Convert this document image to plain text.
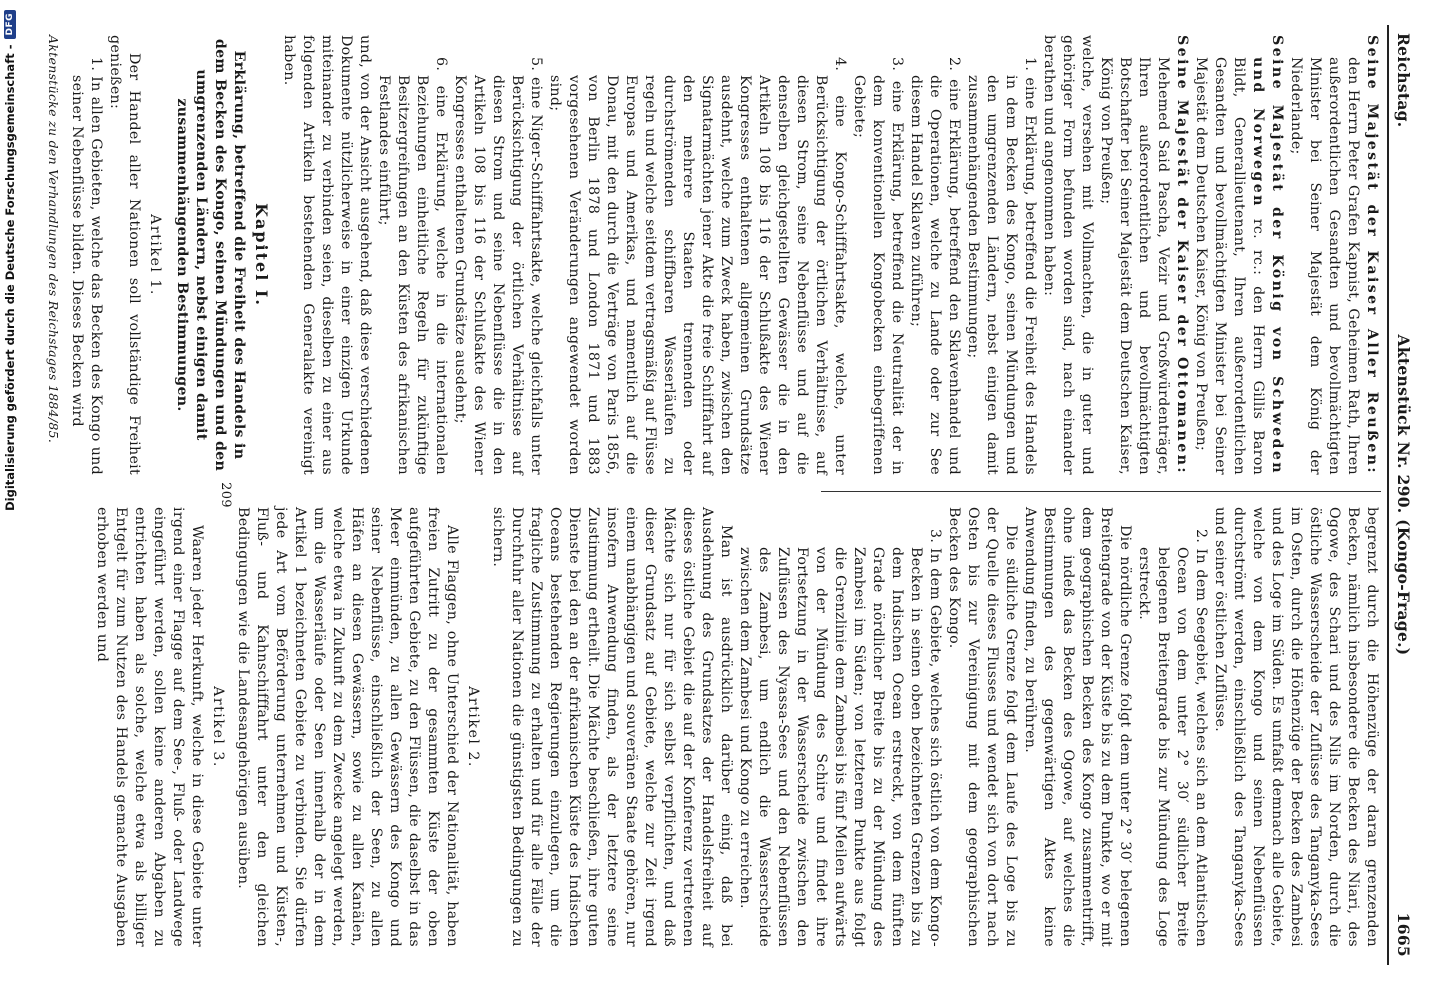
Reichstag.
Aktenstück Nr. 290. (Kongo-Frage.)
1665

Seine Majestät der Kaiser Aller Reußen: den Herrn Peter Grafen Kapnist, Geheimen Rath, Ihren außerordentlichen Gesandten und bevollmächtigten Minister bei Seiner Majestät dem König der Niederlande;

Seine Majestät der König von Schweden und Norwegen rc. rc.: den Herrn Gillis Baron Bildt, Generallieutenant, Ihren außerordentlichen Gesandten und bevollmächtigten Minister bei Seiner Majestät dem Deutschen Kaiser, König von Preußen;

Seine Majestät der Kaiser der Ottomanen: Mehemed Said Pascha, Vezir und Großwürdenträger, Ihren außerordentlichen und bevollmächtigten Botschafter bei Seiner Majestät dem Deutschen Kaiser, König von Preußen;

welche, versehen mit Vollmachten, die in guter und gehöriger Form befunden worden sind, nach einander berathen und angenommen haben:

1. eine Erklärung, betreffend die Freiheit des Handels in dem Becken des Kongo, seinen Mündungen und den umgrenzenden Ländern, nebst einigen damit zusammenhängenden Bestimmungen;

2. eine Erklärung, betreffend den Sklavenhandel und die Operationen, welche zu Lande oder zur See diesem Handel Sklaven zuführen;

3. eine Erklärung, betreffend die Neutralität der in dem konventionellen Kongobecken einbegriffenen Gebiete;

4. eine Kongo-Schifffahrtsakte, welche, unter Berücksichtigung der örtlichen Verhältnisse, auf diesen Strom, seine Nebenflüsse und auf die denselben gleichgestellten Gewässer die in den Artikeln 108 bis 116 der Schlußakte des Wiener Kongresses enthaltenen allgemeinen Grundsätze ausdehnt, welche zum Zweck haben, zwischen den Signatarmächten jener Akte die freie Schifffahrt auf den mehrere Staaten trennenden oder durchströmenden schiffbaren Wasserläufen zu regeln und welche seitdem vertragsmäßig auf Flüsse Europas und Amerikas, und namentlich auf die Donau, mit den durch die Verträge von Paris 1856, von Berlin 1878 und London 1871 und 1883 vorgesehenen Veränderungen angewendet worden sind;

5. eine Niger-Schifffahrtsakte, welche gleichfalls unter Berücksichtigung der örtlichen Verhältnisse auf diesen Strom und seine Nebenflüsse die in den Artikeln 108 bis 116 der Schlußakte des Wiener Kongresses enthaltenen Grundsätze ausdehnt;

6. eine Erklärung, welche in die internationalen Beziehungen einheitliche Regeln für zukünftige Besitzergreifungen an den Küsten des afrikanischen Festlandes einführt;

und, von der Ansicht ausgehend, daß diese verschiedenen Dokumente nützlicherweise in einer einzigen Urkunde miteinander zu verbinden seien, dieselben zu einer aus folgenden Artikeln bestehenden Generalakte vereinigt haben.

Kapitel I.

Erklärung, betreffend die Freiheit des Handels in dem Becken des Kongo, seinen Mündungen und den umgrenzenden Ländern, nebst einigen damit zusammenhängenden Bestimmungen.

Artikel 1.

Der Handel aller Nationen soll vollständige Freiheit genießen:

1. In allen Gebieten, welche das Becken des Kongo und seiner Nebenflüsse bilden. Dieses Becken wird

Aktenstücke zu den Verhandlungen des Reichstages 1884/85.

begrenzt durch die Höhenzüge der daran grenzenden Becken, nämlich insbesondere die Becken des Niari, des Ogowe, des Schari und des Nils im Norden, durch die östliche Wasserscheide der Zuflüsse des Tanganyka-Sees im Osten, durch die Höhenzüge der Becken des Zambesi und des Loge im Süden. Es umfaßt demnach alle Gebiete, welche von dem Kongo und seinen Nebenflüssen durchströmt werden, einschließlich des Tanganyka-Sees und seiner östlichen Zuflüsse.

2. In dem Seegebiet, welches sich an dem Atlantischen Ocean von dem unter 2° 30′ südlicher Breite belegenen Breitengrade bis zur Mündung des Loge erstreckt.

Die nördliche Grenze folgt dem unter 2° 30′ belegenen Breitengrade von der Küste bis zu dem Punkte, wo er mit dem geographischen Becken des Kongo zusammentrifft, ohne indeß das Becken des Ogowe, auf welches die Bestimmungen des gegenwärtigen Aktes keine Anwendung finden, zu berühren.

Die südliche Grenze folgt dem Laufe des Loge bis zu der Quelle dieses Flusses und wendet sich von dort nach Osten bis zur Vereinigung mit dem geographischen Becken des Kongo.

3. In dem Gebiete, welches sich östlich von dem Kongo-Becken in seinen oben bezeichneten Grenzen bis zu dem Indischen Ocean erstreckt, von dem fünften Grade nördlicher Breite bis zu der Mündung des Zambesi im Süden; von letzterem Punkte aus folgt die Grenzlinie dem Zambesi bis fünf Meilen aufwärts von der Mündung des Schire und findet ihre Fortsetzung in der Wasserscheide zwischen den Zuflüssen des Nyassa-Sees und den Nebenflüssen des Zambesi, um endlich die Wasserscheide zwischen dem Zambesi und Kongo zu erreichen.

Man ist ausdrücklich darüber einig, daß bei Ausdehnung des Grundsatzes der Handelsfreiheit auf dieses östliche Gebiet die auf der Konferenz vertretenen Mächte sich nur für sich selbst verpflichten, und daß dieser Grundsatz auf Gebiete, welche zur Zeit irgend einem unabhängigen und souveränen Staate gehören, nur insofern Anwendung finden, als der letztere seine Zustimmung ertheilt. Die Mächte beschließen, ihre guten Dienste bei den an der afrikanischen Küste des Indischen Oceans bestehenden Regierungen einzulegen, um die fragliche Zustimmung zu erhalten und für alle Fälle der Durchfuhr aller Nationen die günstigsten Bedingungen zu sichern.

Artikel 2.

Alle Flaggen, ohne Unterschied der Nationalität, haben freien Zutritt zu der gesammten Küste der oben aufgeführten Gebiete, zu den Flüssen, die daselbst in das Meer einmünden, zu allen Gewässern des Kongo und seiner Nebenflüsse, einschließlich der Seen, zu allen Häfen an diesen Gewässern, sowie zu allen Kanälen, welche etwa in Zukunft zu dem Zwecke angelegt werden, um die Wasserläufe oder Seen innerhalb der in dem Artikel 1 bezeichneten Gebiete zu verbinden. Sie dürfen jede Art vom Beförderung unternehmen und Küsten-, Fluß- und Kahnschifffahrt unter den gleichen Bedingungen wie die Landesangehörigen ausüben.

Artikel 3.

Waaren jeder Herkunft, welche in diese Gebiete unter irgend einer Flagge auf dem See-, Fluß- oder Landwege eingeführt werden, sollen keine anderen Abgaben zu entrichten haben als solche, welche etwa als billiger Entgelt für zum Nutzen des Handels gemachte Ausgaben erhoben werden und

209
Digitalisierung gefördert durch die Deutsche Forschungsgemeinschaft -
DFG
